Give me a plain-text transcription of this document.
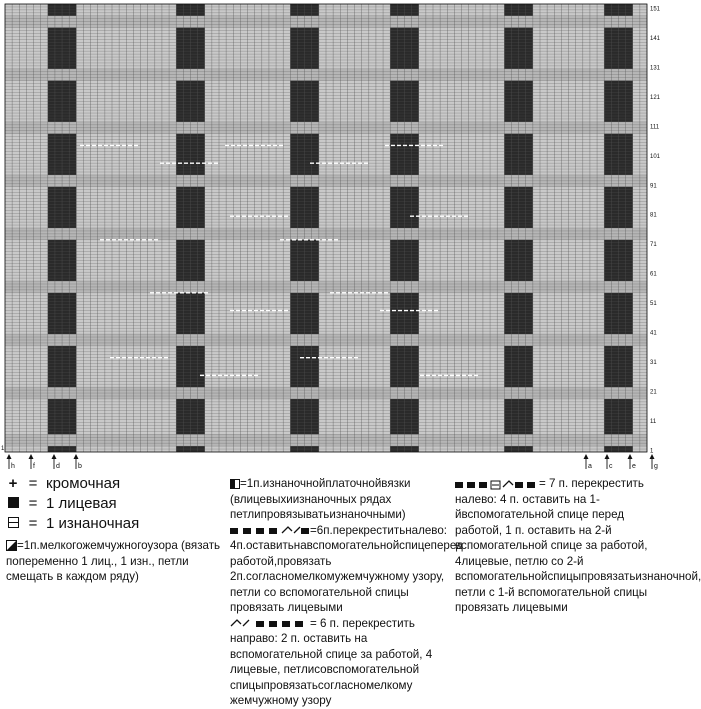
151
141
131
121
111
101
91
81
71
61
51
41
31
21
11
1
1
h	f	d	b	a c	e	g
+ = кромочная
= 1 лицевая
= 1 изнаночная
=1п.мелкогожемчужногоузора (вязать попеременно 1 лиц., 1 изн., петли смещать в каждом ряду)
=1п.изнаночнойплаточнойвязки (влицевыхиизнаночных рядах петлипровязыватьизнаночными)
=6п.перекреститьналево: 4п.оставитьнавспомогательнойспицеперед работой,провязать 2п.согласномелкомужемчужному узору, петли со вспомогательной спицы провязать лицевыми
= 6 п. перекрестить направо: 2 п. оставить на вспомогательной спице за работой, 4 лицевые, петлисовспомогательной спицыпровязатьсогласномелкому жемчужному узору
= 7 п. перекрестить налево: 4 п. оставить на 1-йвспомогательной спице перед работой, 1 п. оставить на 2-й вспомогательной спице за работой, 4лицевые, петлю со 2-й вспомогательнойспицыпровязатьизнаночной, петли с 1-й вспомогательной спицы провязать лицевыми
